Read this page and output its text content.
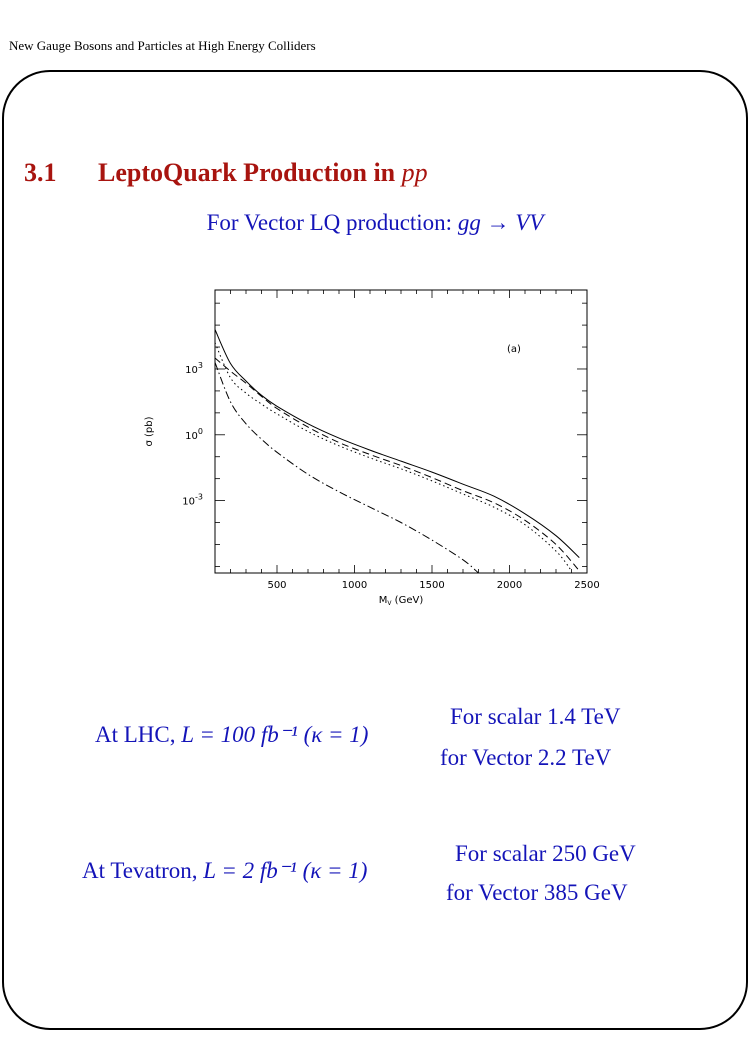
New Gauge Bosons and Particles at High Energy Colliders
3.1 LeptoQuark Production in pp
For Vector LQ production: gg → VV
500	1000	1500	2000	2500
$10^3$
$10^0$
$10^{-3}$
(a)
$M_V$ (GeV)
σ (pb)
At LHC, L = 100 fb⁻¹ (κ = 1)
For scalar 1.4 TeV
for Vector 2.2 TeV
At Tevatron, L = 2 fb⁻¹ (κ = 1)
For scalar 250 GeV
for Vector 385 GeV
